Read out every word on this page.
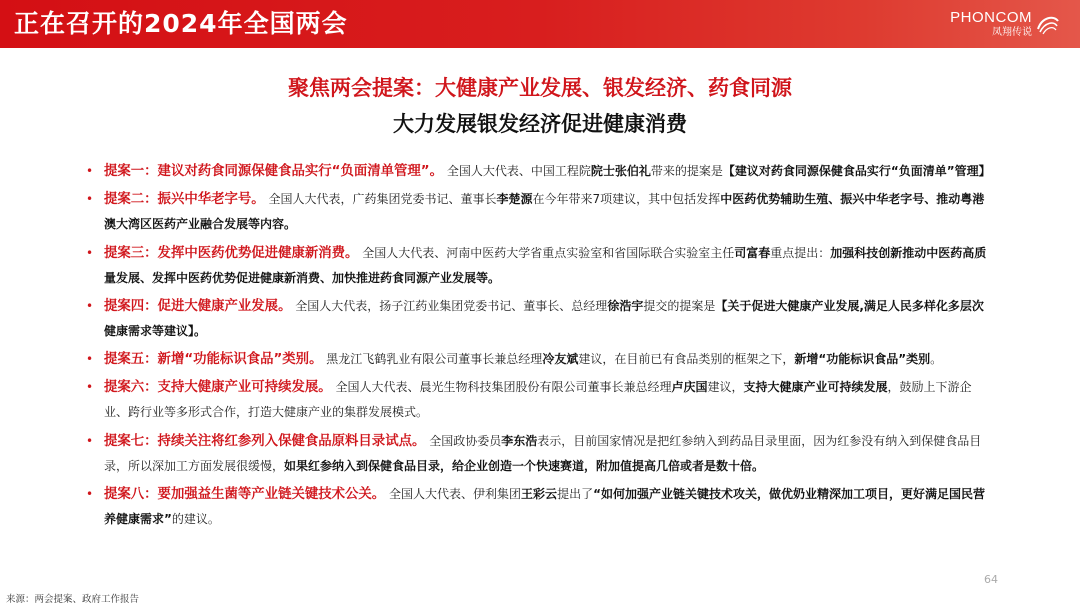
正在召开的2024年全国两会	PHONCOM
凤翔传说
聚焦两会提案：大健康产业发展、银发经济、药食同源
大力发展银发经济促进健康消费
• 提案一：建议对药食同源保健食品实行“负面清单管理”。 全国人大代表、中国工程院院士张伯礼带来的提案是【建议对药食同源保健食品实行“负面清单”管理】
• 提案二：振兴中华老字号。 全国人大代表，广药集团党委书记、董事长李楚源在今年带来7项建议，其中包括发挥中医药优势辅助生殖、振兴中华老字号、推动粤港澳大湾区医药产业融合发展等内容。
• 提案三：发挥中医药优势促进健康新消费。 全国人大代表、河南中医药大学省重点实验室和省国际联合实验室主任司富春重点提出：加强科技创新推动中医药高质量发展、发挥中医药优势促进健康新消费、加快推进药食同源产业发展等。
• 提案四：促进大健康产业发展。 全国人大代表，扬子江药业集团党委书记、董事长、总经理徐浩宇提交的提案是【关于促进大健康产业发展,满足人民多样化多层次健康需求等建议】。
• 提案五：新增“功能标识食品”类别。 黑龙江飞鹤乳业有限公司董事长兼总经理冷友斌建议，在目前已有食品类别的框架之下，新增“功能标识食品”类别。
• 提案六：支持大健康产业可持续发展。 全国人大代表、晨光生物科技集团股份有限公司董事长兼总经理卢庆国建议，支持大健康产业可持续发展，鼓励上下游企业、跨行业等多形式合作，打造大健康产业的集群发展模式。
• 提案七：持续关注将红参列入保健食品原料目录试点。 全国政协委员李东浩表示，目前国家情况是把红参纳入到药品目录里面，因为红参没有纳入到保健食品目录，所以深加工方面发展很缓慢，如果红参纳入到保健食品目录，给企业创造一个快速赛道，附加值提高几倍或者是数十倍。
• 提案八：要加强益生菌等产业链关键技术公关。 全国人大代表、伊利集团王彩云提出了“如何加强产业链关键技术攻关，做优奶业精深加工项目，更好满足国民营养健康需求”的建议。
64
来源：两会提案、政府工作报告
